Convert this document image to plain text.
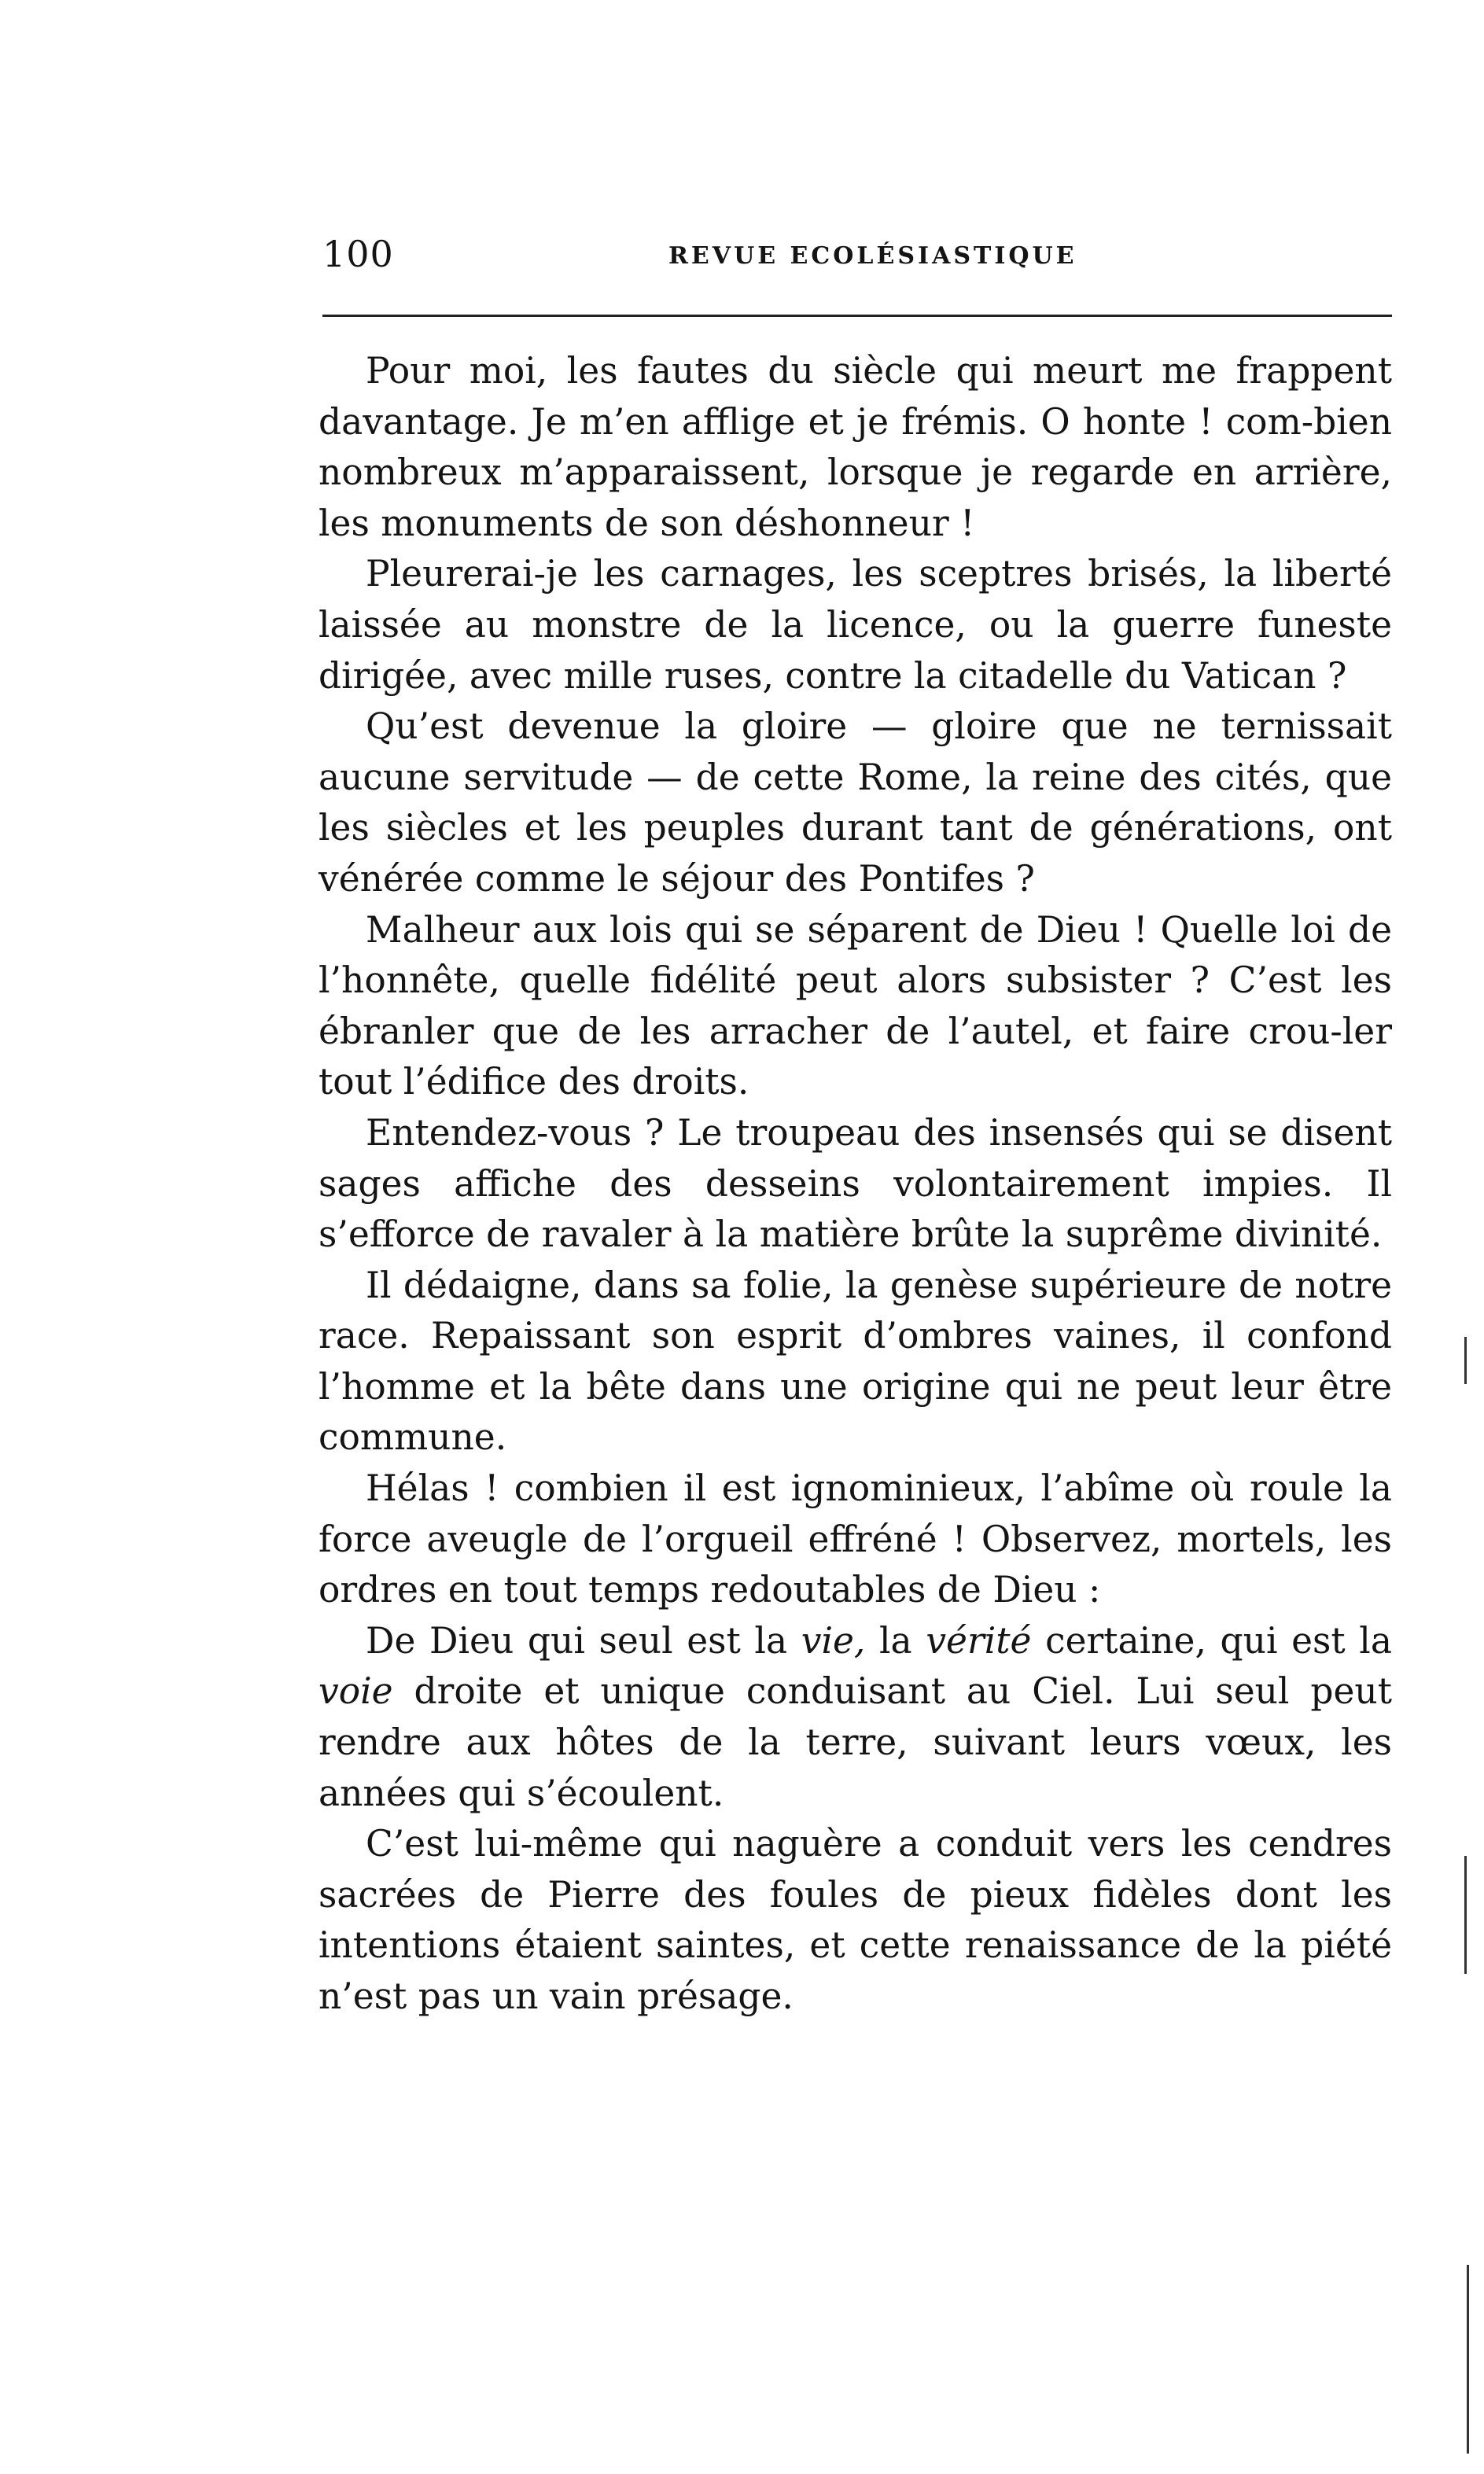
100	REVUE ECOLÉSIASTIQUE

Pour moi, les fautes du siècle qui meurt me frappent davantage. Je m’en afflige et je frémis. O honte ! com-bien nombreux m’apparaissent, lorsque je regarde en arrière, les monuments de son déshonneur !

Pleurerai-je les carnages, les sceptres brisés, la liberté laissée au monstre de la licence, ou la guerre funeste dirigée, avec mille ruses, contre la citadelle du Vatican ?

Qu’est devenue la gloire — gloire que ne ternissait aucune servitude — de cette Rome, la reine des cités, que les siècles et les peuples durant tant de générations, ont vénérée comme le séjour des Pontifes ?

Malheur aux lois qui se séparent de Dieu ! Quelle loi de l’honnête, quelle fidélité peut alors subsister ? C’est les ébranler que de les arracher de l’autel, et faire crou-ler tout l’édifice des droits.

Entendez-vous ? Le troupeau des insensés qui se disent sages affiche des desseins volontairement impies. Il s’efforce de ravaler à la matière brûte la suprême divinité.

Il dédaigne, dans sa folie, la genèse supérieure de notre race. Repaissant son esprit d’ombres vaines, il confond l’homme et la bête dans une origine qui ne peut leur être commune.

Hélas ! combien il est ignominieux, l’abîme où roule la force aveugle de l’orgueil effréné ! Observez, mortels, les ordres en tout temps redoutables de Dieu :

De Dieu qui seul est la vie, la vérité certaine, qui est la voie droite et unique conduisant au Ciel. Lui seul peut rendre aux hôtes de la terre, suivant leurs vœux, les années qui s’écoulent.

C’est lui-même qui naguère a conduit vers les cendres sacrées de Pierre des foules de pieux fidèles dont les intentions étaient saintes, et cette renaissance de la piété n’est pas un vain présage.
